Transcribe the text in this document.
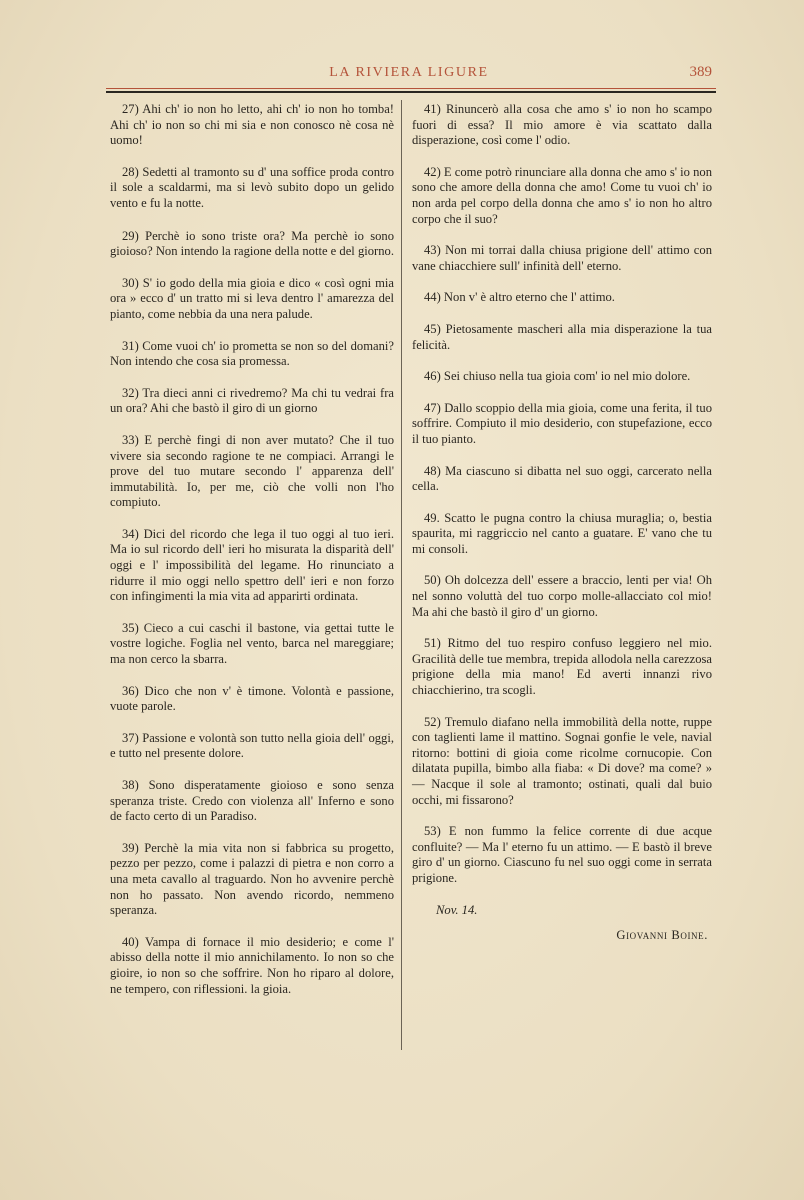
LA RIVIERA LIGURE	389

27) Ahi ch' io non ho letto, ahi ch' io non ho tomba! Ahi ch' io non so chi mi sia e non conosco nè cosa nè uomo!

28) Sedetti al tramonto su d' una soffice proda contro il sole a scaldarmi, ma si levò subito dopo un gelido vento e fu la notte.

29) Perchè io sono triste ora? Ma perchè io sono gioioso? Non intendo la ragione della notte e del giorno.

30) S' io godo della mia gioia e dico « così ogni mia ora » ecco d' un tratto mi si leva dentro l' amarezza del pianto, come nebbia da una nera palude.

31) Come vuoi ch' io prometta se non so del domani? Non intendo che cosa sia promessa.

32) Tra dieci anni ci rivedremo? Ma chi tu vedrai fra un ora? Ahi che bastò il giro di un giorno

33) E perchè fingi di non aver mutato? Che il tuo vivere sia secondo ragione te ne compiaci. Arrangi le prove del tuo mutare secondo l' apparenza dell' immutabilità. Io, per me, ciò che volli non l'ho compiuto.

34) Dici del ricordo che lega il tuo oggi al tuo ieri. Ma io sul ricordo dell' ieri ho misurata la disparità dell' oggi e l' impossibilità del legame. Ho rinunciato a ridurre il mio oggi nello spettro dell' ieri e non forzo con infingimenti la mia vita ad apparirti ordinata.

35) Cieco a cui caschi il bastone, via gettai tutte le vostre logiche. Foglia nel vento, barca nel mareggiare; ma non cerco la sbarra.

36) Dico che non v' è timone. Volontà e passione, vuote parole.

37) Passione e volontà son tutto nella gioia dell' oggi, e tutto nel presente dolore.

38) Sono disperatamente gioioso e sono senza speranza triste. Credo con violenza all' Inferno e sono de facto certo di un Paradiso.

39) Perchè la mia vita non si fabbrica su progetto, pezzo per pezzo, come i palazzi di pietra e non corro a una meta cavallo al traguardo. Non ho avvenire perchè non ho passato. Non avendo ricordo, nemmeno speranza.

40) Vampa di fornace il mio desiderio; e come l' abisso della notte il mio annichilamento. Io non so che gioire, io non so che soffrire. Non ho riparo al dolore, ne tempero, con riflessioni. la gioia.

41) Rinuncerò alla cosa che amo s' io non ho scampo fuori di essa? Il mio amore è via scattato dalla disperazione, così come l' odio.

42) E come potrò rinunciare alla donna che amo s' io non sono che amore della donna che amo! Come tu vuoi ch' io non arda pel corpo della donna che amo s' io non ho altro corpo che il suo?

43) Non mi torrai dalla chiusa prigione dell' attimo con vane chiacchiere sull' infinità dell' eterno.

44) Non v' è altro eterno che l' attimo.

45) Pietosamente mascheri alla mia disperazione la tua felicità.

46) Sei chiuso nella tua gioia com' io nel mio dolore.

47) Dallo scoppio della mia gioia, come una ferita, il tuo soffrire. Compiuto il mio desiderio, con stupefazione, ecco il tuo pianto.

48) Ma ciascuno si dibatta nel suo oggi, carcerato nella cella.

49. Scatto le pugna contro la chiusa muraglia; o, bestia spaurita, mi raggriccio nel canto a guatare. E' vano che tu mi consoli.

50) Oh dolcezza dell' essere a braccio, lenti per via! Oh nel sonno voluttà del tuo corpo molle-allacciato col mio! Ma ahi che bastò il giro d' un giorno.

51) Ritmo del tuo respiro confuso leggiero nel mio. Gracilità delle tue membra, trepida allodola nella carezzosa prigione della mia mano! Ed averti innanzi rivo chiacchierino, tra scogli.

52) Tremulo diafano nella immobilità della notte, ruppe con taglienti lame il mattino. Sognai gonfie le vele, navial ritorno: bottini di gioia come ricolme cornucopie. Con dilatata pupilla, bimbo alla fiaba: « Di dove? ma come? » — Nacque il sole al tramonto; ostinati, quali dal buio occhi, mi fissarono?

53) E non fummo la felice corrente di due acque confluite? — Ma l' eterno fu un attimo. — E bastò il breve giro d' un giorno. Ciascuno fu nel suo oggi come in serrata prigione.

Nov. 14.
Giovanni Boine.
